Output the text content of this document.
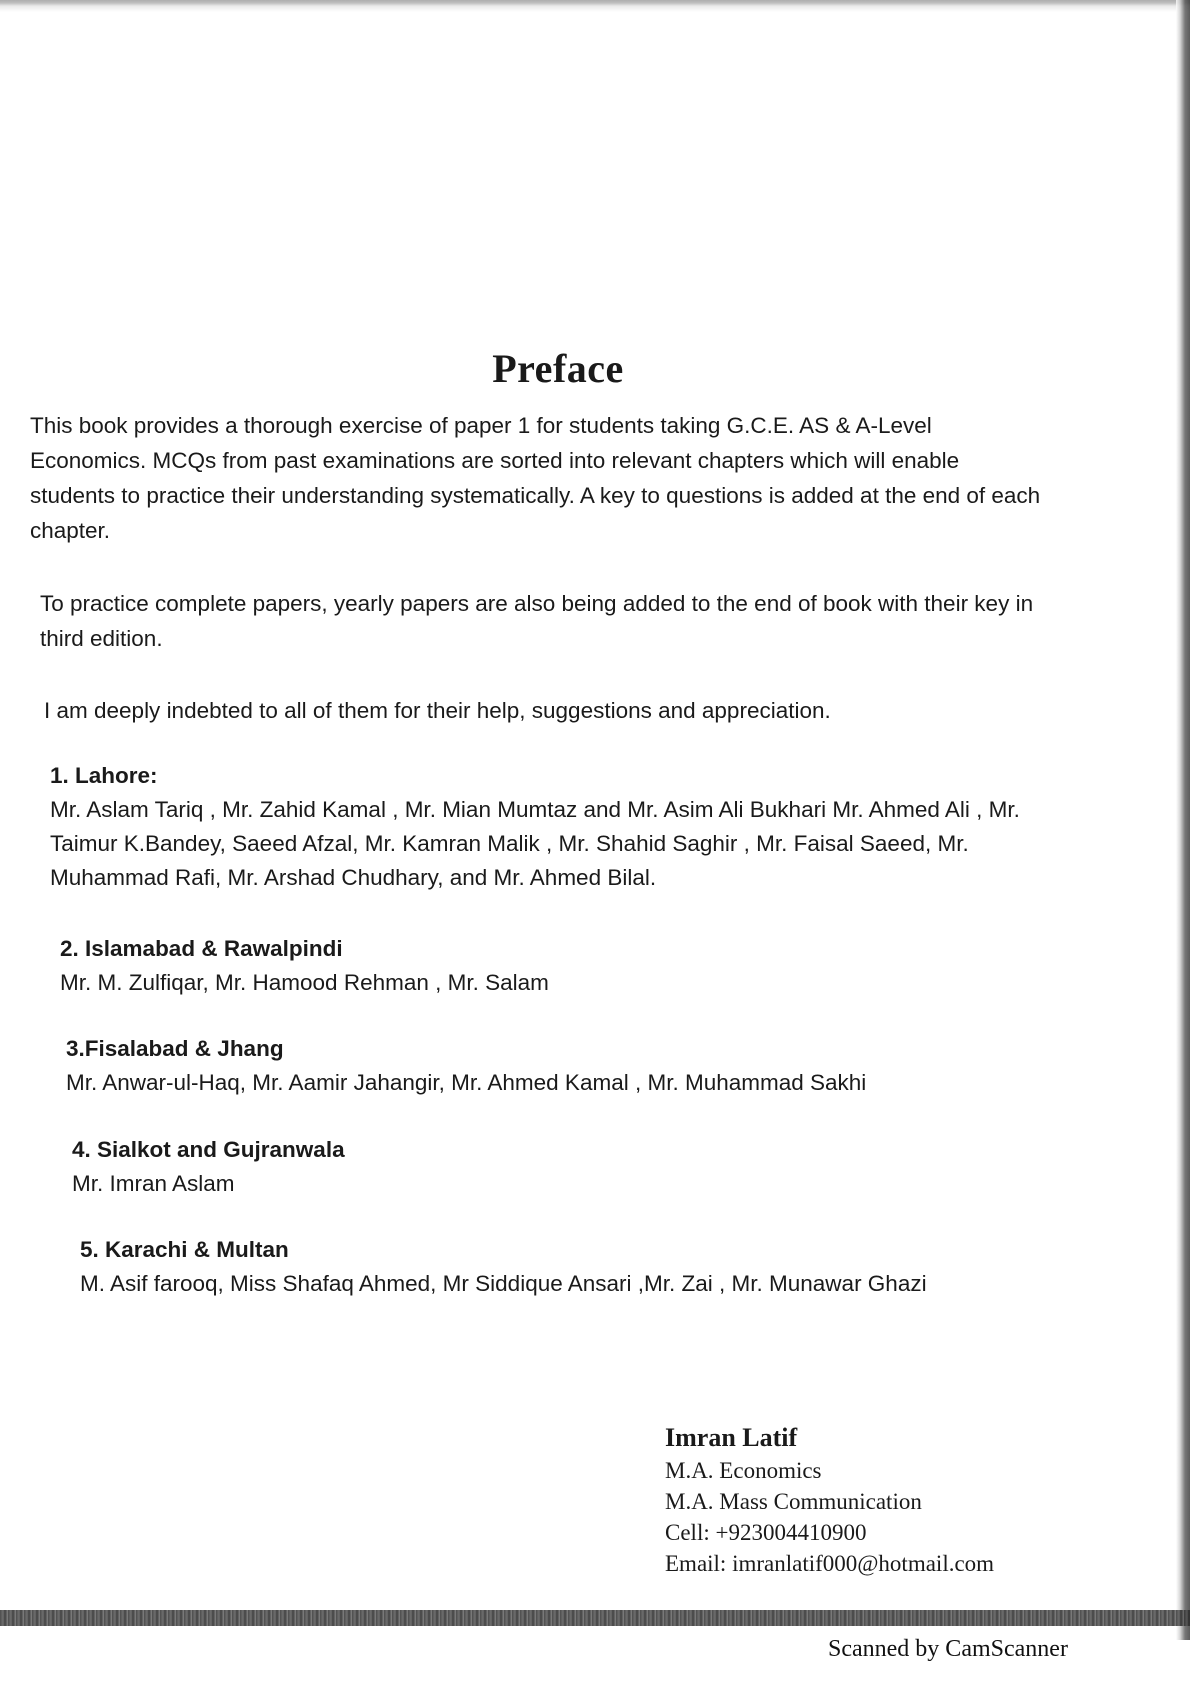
Preface

This book provides a thorough exercise of paper 1 for students taking G.C.E. AS & A-Level Economics. MCQs from past examinations are sorted into relevant chapters which will enable students to practice their understanding systematically. A key to questions is added at the end of each chapter.

To practice complete papers, yearly papers are also being added to the end of book with their key in third edition.

I am deeply indebted to all of them for their help, suggestions and appreciation.

1. Lahore:
Mr. Aslam Tariq , Mr. Zahid Kamal , Mr. Mian Mumtaz and Mr. Asim Ali Bukhari Mr. Ahmed Ali , Mr. Taimur K.Bandey, Saeed Afzal, Mr. Kamran Malik , Mr. Shahid Saghir , Mr. Faisal Saeed, Mr. Muhammad Rafi, Mr. Arshad Chudhary, and Mr. Ahmed Bilal.
2. Islamabad & Rawalpindi
Mr. M. Zulfiqar, Mr. Hamood Rehman , Mr. Salam
3.Fisalabad & Jhang
Mr. Anwar-ul-Haq, Mr. Aamir Jahangir, Mr. Ahmed Kamal , Mr. Muhammad Sakhi
4. Sialkot and Gujranwala
Mr. Imran Aslam
5. Karachi & Multan
M. Asif farooq, Miss Shafaq Ahmed, Mr Siddique Ansari ,Mr. Zai , Mr. Munawar Ghazi
Imran Latif
M.A. Economics
M.A. Mass Communication
Cell: +923004410900
Email: imranlatif000@hotmail.com
Scanned by CamScanner
